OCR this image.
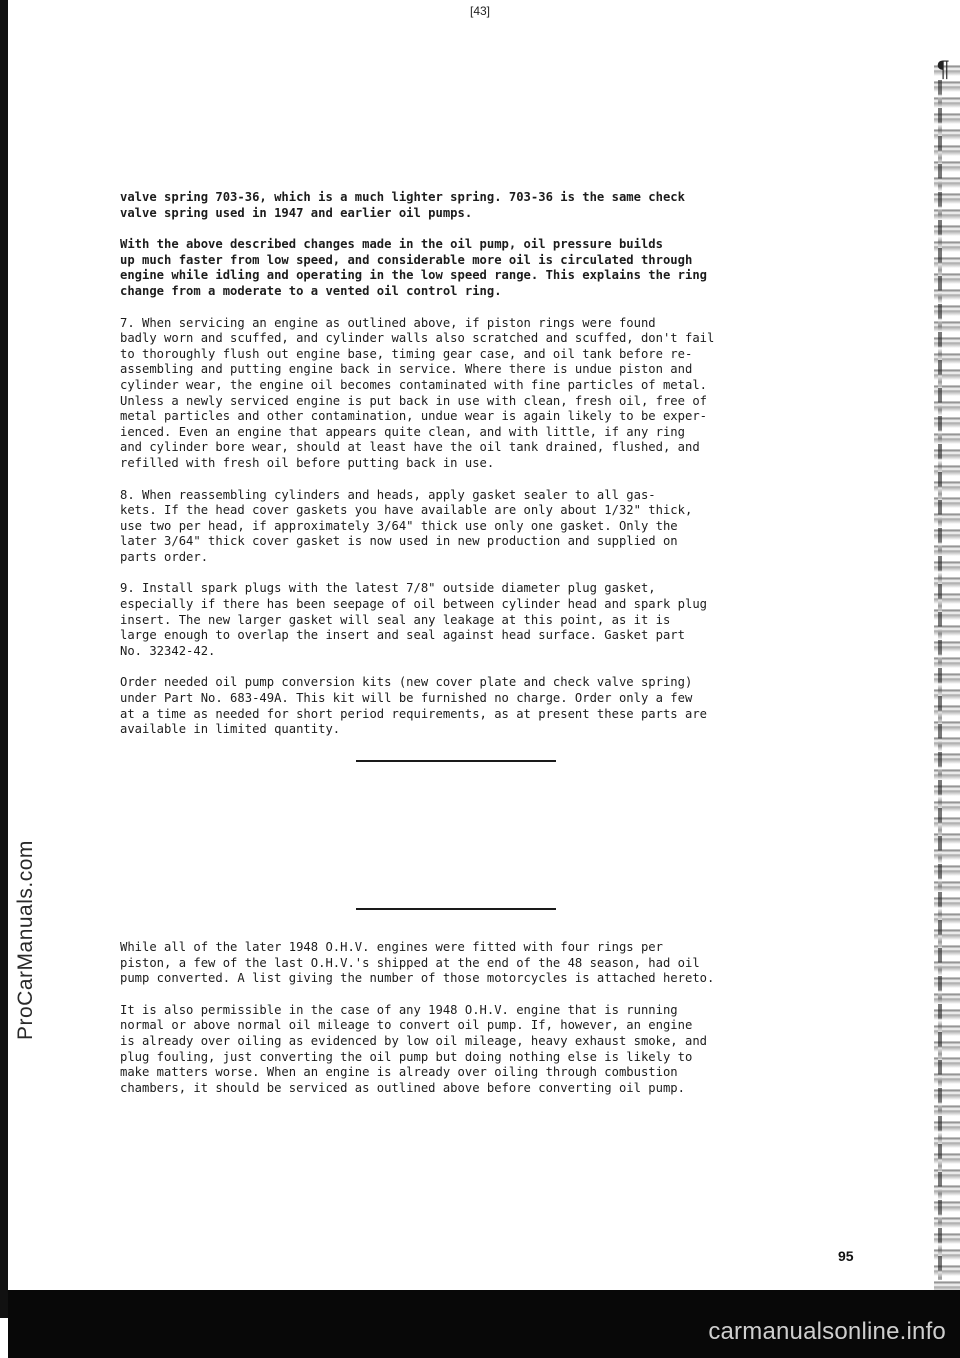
¶
[43]
ProCarManuals.com

valve spring 703-36, which is a much lighter spring. 703-36 is the same check
valve spring used in 1947 and earlier oil pumps.

With the above described changes made in the oil pump, oil pressure builds
up much faster from low speed, and considerable more oil is circulated through
engine while idling and operating in the low speed range. This explains the ring
change from a moderate to a vented oil control ring.

7. When servicing an engine as outlined above, if piston rings were found
badly worn and scuffed, and cylinder walls also scratched and scuffed, don't fail
to thoroughly flush out engine base, timing gear case, and oil tank before re-
assembling and putting engine back in service. Where there is undue piston and
cylinder wear, the engine oil becomes contaminated with fine particles of metal.
Unless a newly serviced engine is put back in use with clean, fresh oil, free of
metal particles and other contamination, undue wear is again likely to be exper-
ienced. Even an engine that appears quite clean, and with little, if any ring
and cylinder bore wear, should at least have the oil tank drained, flushed, and
refilled with fresh oil before putting back in use.

8. When reassembling cylinders and heads, apply gasket sealer to all gas-
kets. If the head cover gaskets you have available are only about 1/32" thick,
use two per head, if approximately 3/64" thick use only one gasket. Only the
later 3/64" thick cover gasket is now used in new production and supplied on
parts order.

9. Install spark plugs with the latest 7/8" outside diameter plug gasket,
especially if there has been seepage of oil between cylinder head and spark plug
insert. The new larger gasket will seal any leakage at this point, as it is
large enough to overlap the insert and seal against head surface. Gasket part
No. 32342-42.

Order needed oil pump conversion kits (new cover plate and check valve spring)
under Part No. 683-49A. This kit will be furnished no charge. Order only a few
at a time as needed for short period requirements, as at present these parts are
available in limited quantity.

While all of the later 1948 O.H.V. engines were fitted with four rings per
piston, a few of the last O.H.V.'s shipped at the end of the 48 season, had oil
pump converted. A list giving the number of those motorcycles is attached hereto.

It is also permissible in the case of any 1948 O.H.V. engine that is running
normal or above normal oil mileage to convert oil pump. If, however, an engine
is already over oiling as evidenced by low oil mileage, heavy exhaust smoke, and
plug fouling, just converting the oil pump but doing nothing else is likely to
make matters worse. When an engine is already over oiling through combustion
chambers, it should be serviced as outlined above before converting oil pump.

95
carmanualsonline.info
